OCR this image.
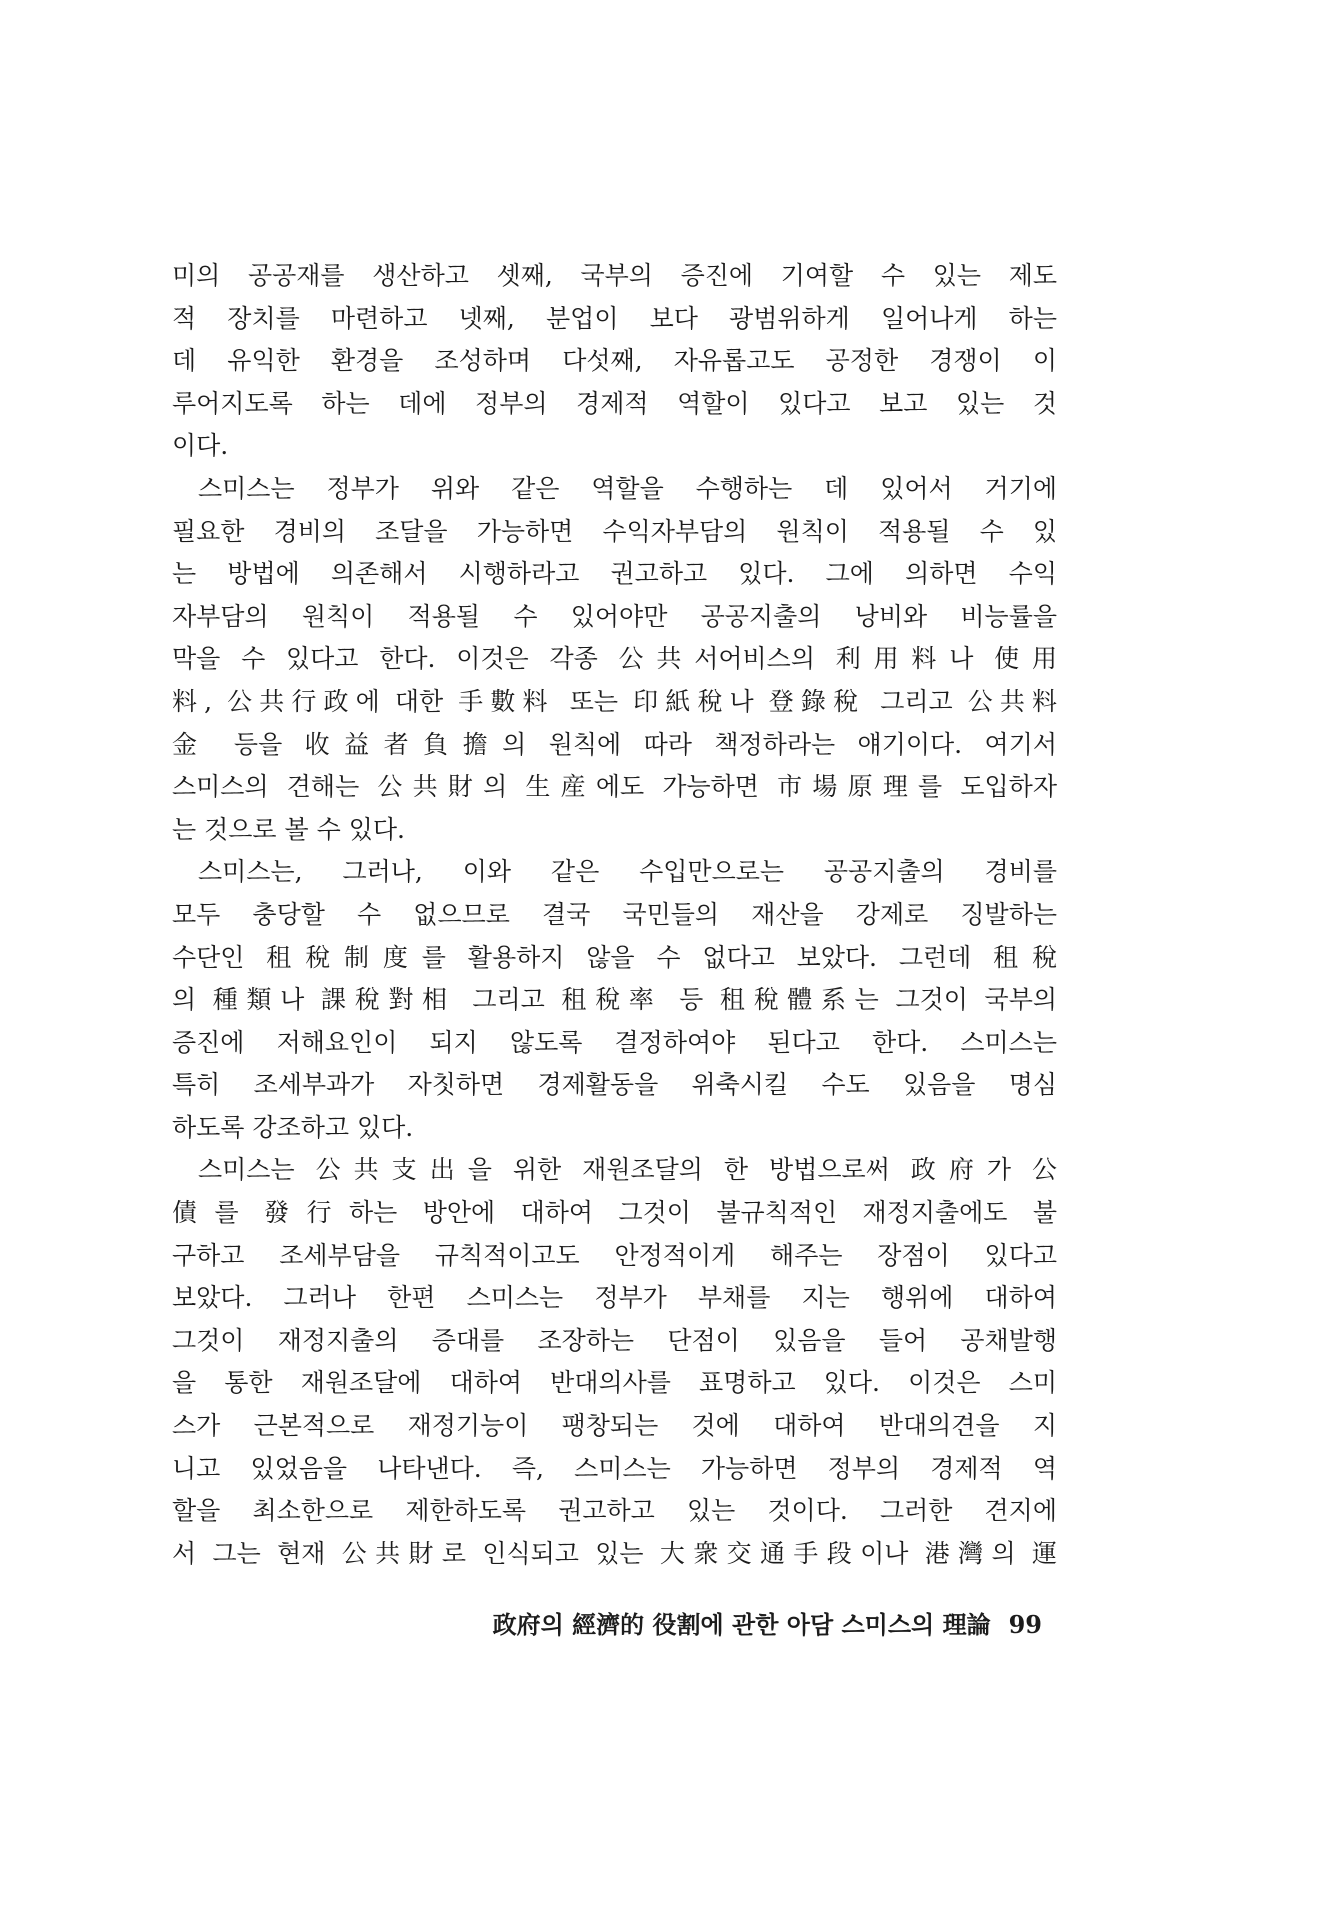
미의 공공재를 생산하고 셋째, 국부의 증진에 기여할 수 있는 제도
적 장치를 마련하고 넷째, 분업이 보다 광범위하게 일어나게 하는
데 유익한 환경을 조성하며 다섯째, 자유롭고도 공정한 경쟁이 이
루어지도록 하는 데에 정부의 경제적 역할이 있다고 보고 있는 것
이다.
스미스는 정부가 위와 같은 역할을 수행하는 데 있어서 거기에
필요한 경비의 조달을 가능하면 수익자부담의 원칙이 적용될 수 있
는 방법에 의존해서 시행하라고 권고하고 있다. 그에 의하면 수익
자부담의 원칙이 적용될 수 있어야만 공공지출의 낭비와 비능률을
막을 수 있다고 한다. 이것은 각종 公共서어비스의 利用料나 使用
料, 公共行政에 대한 手數料 또는 印紙稅나 登錄稅 그리고 公共料
金 등을 收益者負擔의 원칙에 따라 책정하라는 얘기이다. 여기서
스미스의 견해는 公共財의 生産에도 가능하면 市場原理를 도입하자
는 것으로 볼 수 있다.
스미스는, 그러나, 이와 같은 수입만으로는 공공지출의 경비를
모두 충당할 수 없으므로 결국 국민들의 재산을 강제로 징발하는
수단인 租稅制度를 활용하지 않을 수 없다고 보았다. 그런데 租稅
의 種類나 課稅對相 그리고 租稅率 등 租稅體系는 그것이 국부의
증진에 저해요인이 되지 않도록 결정하여야 된다고 한다. 스미스는
특히 조세부과가 자칫하면 경제활동을 위축시킬 수도 있음을 명심
하도록 강조하고 있다.
스미스는 公共支出을 위한 재원조달의 한 방법으로써 政府가 公
債를 發行하는 방안에 대하여 그것이 불규칙적인 재정지출에도 불
구하고 조세부담을 규칙적이고도 안정적이게 해주는 장점이 있다고
보았다. 그러나 한편 스미스는 정부가 부채를 지는 행위에 대하여
그것이 재정지출의 증대를 조장하는 단점이 있음을 들어 공채발행
을 통한 재원조달에 대하여 반대의사를 표명하고 있다. 이것은 스미
스가 근본적으로 재정기능이 팽창되는 것에 대하여 반대의견을 지
니고 있었음을 나타낸다. 즉, 스미스는 가능하면 정부의 경제적 역
할을 최소한으로 제한하도록 권고하고 있는 것이다. 그러한 견지에
서 그는 현재 公共財로 인식되고 있는 大衆交通手段이나 港灣의 運
政府의 經濟的 役割에 관한 아담 스미스의 理論 99
